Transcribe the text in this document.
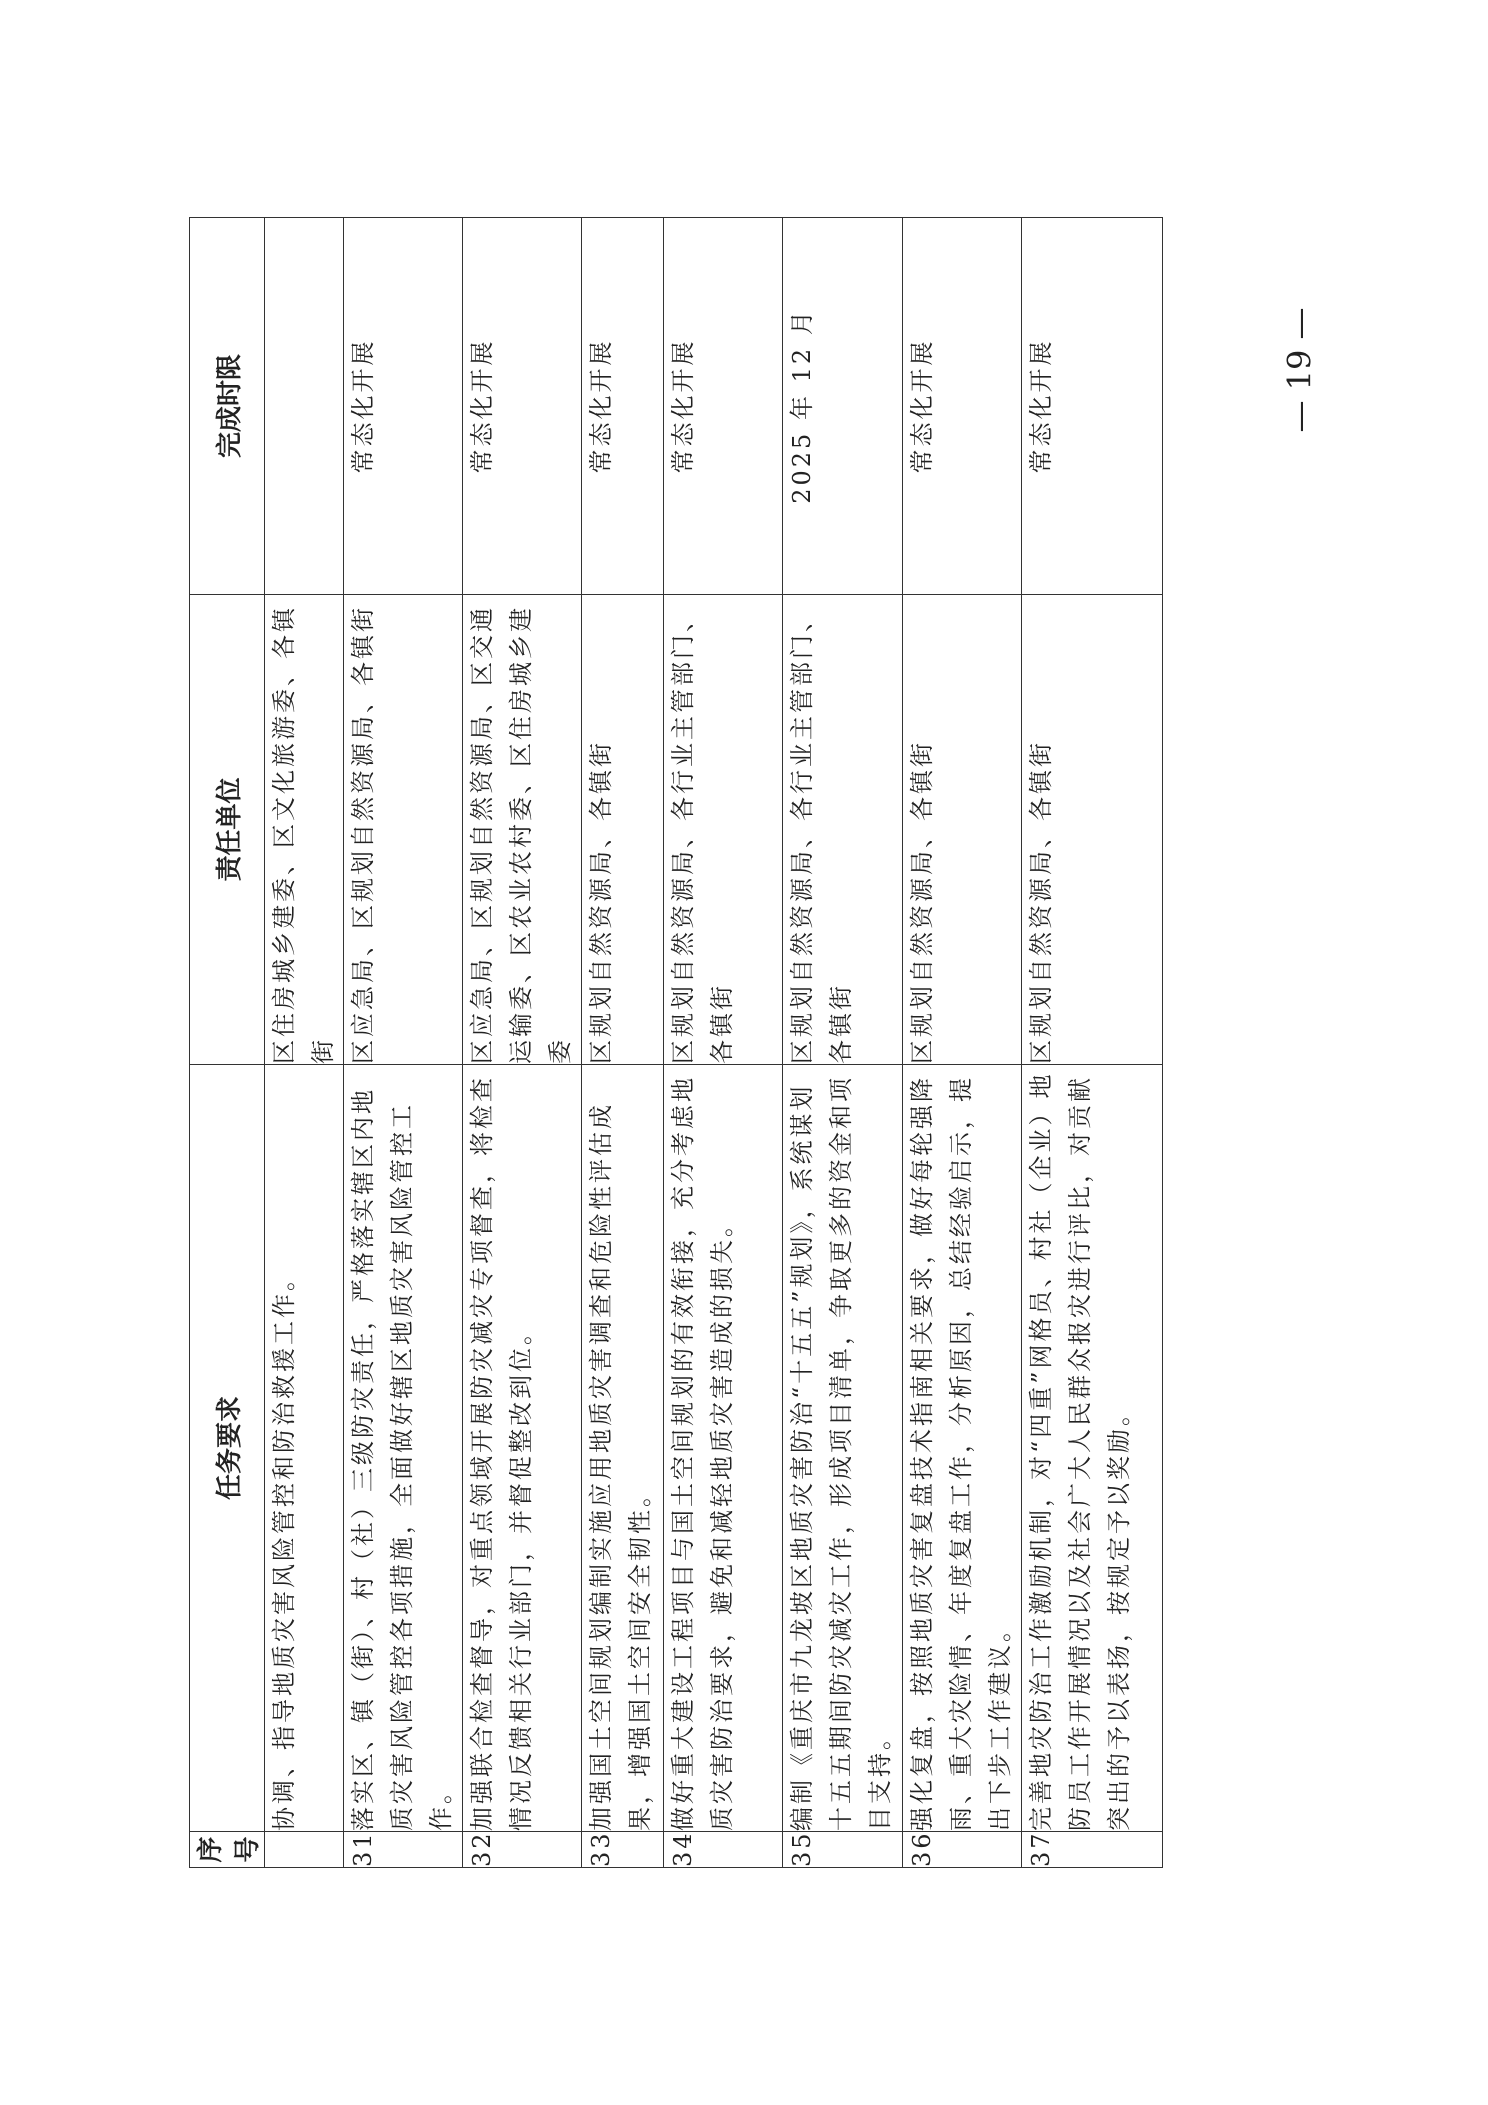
序号	任务要求	责任单位	完成时限
	协调、指导地质灾害风险管控和防治救援工作。	区住房城乡建委、区文化旅游委、各镇街	
31	落实区、镇（街）、村（社）三级防灾责任，严格落实辖区内地质灾害风险管控各项措施，全面做好辖区地质灾害风险管控工作。	区应急局、区规划自然资源局、各镇街	常态化开展
32	加强联合检查督导，对重点领域开展防灾减灾专项督查，将检查情况反馈相关行业部门，并督促整改到位。	区应急局、区规划自然资源局、区交通运输委、区农业农村委、区住房城乡建委	常态化开展
33	加强国土空间规划编制实施应用地质灾害调查和危险性评估成果，增强国土空间安全韧性。	区规划自然资源局、各镇街	常态化开展
34	做好重大建设工程项目与国土空间规划的有效衔接，充分考虑地质灾害防治要求，避免和减轻地质灾害造成的损失。	区规划自然资源局、各行业主管部门、各镇街	常态化开展
35	编制《重庆市九龙坡区地质灾害防治“十五五”规划》，系统谋划十五五期间防灾减灾工作，形成项目清单，争取更多的资金和项目支持。	区规划自然资源局、各行业主管部门、各镇街	2025 年 12 月
36	强化复盘，按照地质灾害复盘技术指南相关要求，做好每轮强降雨、重大灾险情、年度复盘工作，分析原因，总结经验启示，提出下步工作建议。	区规划自然资源局、各镇街	常态化开展
37	完善地灾防治工作激励机制，对“四重”网格员、村社（企业）地防员工作开展情况以及社会广大人民群众报灾进行评比，对贡献突出的予以表扬，按规定予以奖励。	区规划自然资源局、各镇街	常态化开展	— 19 —
